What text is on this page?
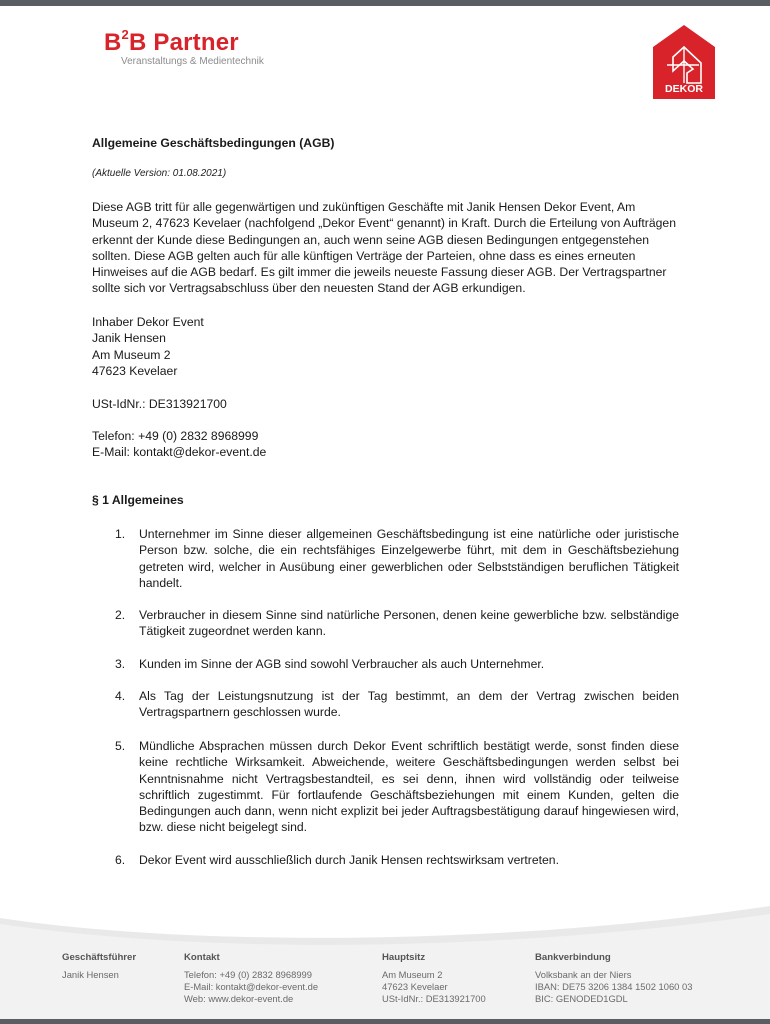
$B^2B$ Partner
Veranstaltungs & Medientechnik
DEKOR
Allgemeine Geschäftsbedingungen (AGB)
(Aktuelle Version: 01.08.2021)
Diese AGB tritt für alle gegenwärtigen und zukünftigen Geschäfte mit Janik Hensen Dekor Event, Am Museum 2, 47623 Kevelaer (nachfolgend „Dekor Event“ genannt) in Kraft. Durch die Erteilung von Aufträgen erkennt der Kunde diese Bedingungen an, auch wenn seine AGB diesen Bedingungen entgegenstehen sollten. Diese AGB gelten auch für alle künftigen Verträge der Parteien, ohne dass es eines erneuten Hinweises auf die AGB bedarf. Es gilt immer die jeweils neueste Fassung dieser AGB. Der Vertragspartner sollte sich vor Vertragsabschluss über den neuesten Stand der AGB erkundigen.
Inhaber Dekor Event
Janik Hensen
Am Museum 2
47623 Kevelaer
USt-IdNr.: DE313921700
Telefon: +49 (0) 2832 8968999
E-Mail: kontakt@dekor-event.de
§ 1 Allgemeines
1. Unternehmer im Sinne dieser allgemeinen Geschäftsbedingung ist eine natürliche oder juristische Person bzw. solche, die ein rechtsfähiges Einzelgewerbe führt, mit dem in Geschäftsbeziehung getreten wird, welcher in Ausübung einer gewerblichen oder Selbstständigen beruflichen Tätigkeit handelt.
2. Verbraucher in diesem Sinne sind natürliche Personen, denen keine gewerbliche bzw. selbständige Tätigkeit zugeordnet werden kann.
3. Kunden im Sinne der AGB sind sowohl Verbraucher als auch Unternehmer.
4. Als Tag der Leistungsnutzung ist der Tag bestimmt, an dem der Vertrag zwischen beiden Vertragspartnern geschlossen wurde.
5. Mündliche Absprachen müssen durch Dekor Event schriftlich bestätigt werde, sonst finden diese keine rechtliche Wirksamkeit. Abweichende, weitere Geschäftsbedingungen werden selbst bei Kenntnisnahme nicht Vertragsbestandteil, es sei denn, ihnen wird vollständig oder teilweise schriftlich zugestimmt. Für fortlaufende Geschäftsbeziehungen mit einem Kunden, gelten die Bedingungen auch dann, wenn nicht explizit bei jeder Auftragsbestätigung darauf hingewiesen wird, bzw. diese nicht beigelegt sind.
6. Dekor Event wird ausschließlich durch Janik Hensen rechtswirksam vertreten.
Geschäftsführer
Janik Hensen
Kontakt
Telefon: +49 (0) 2832 8968999
E-Mail: kontakt@dekor-event.de
Web: www.dekor-event.de
Hauptsitz
Am Museum 2
47623 Kevelaer
USt-IdNr.: DE313921700
Bankverbindung
Volksbank an der Niers
IBAN: DE75 3206 1384 1502 1060 03
BIC: GENODED1GDL
